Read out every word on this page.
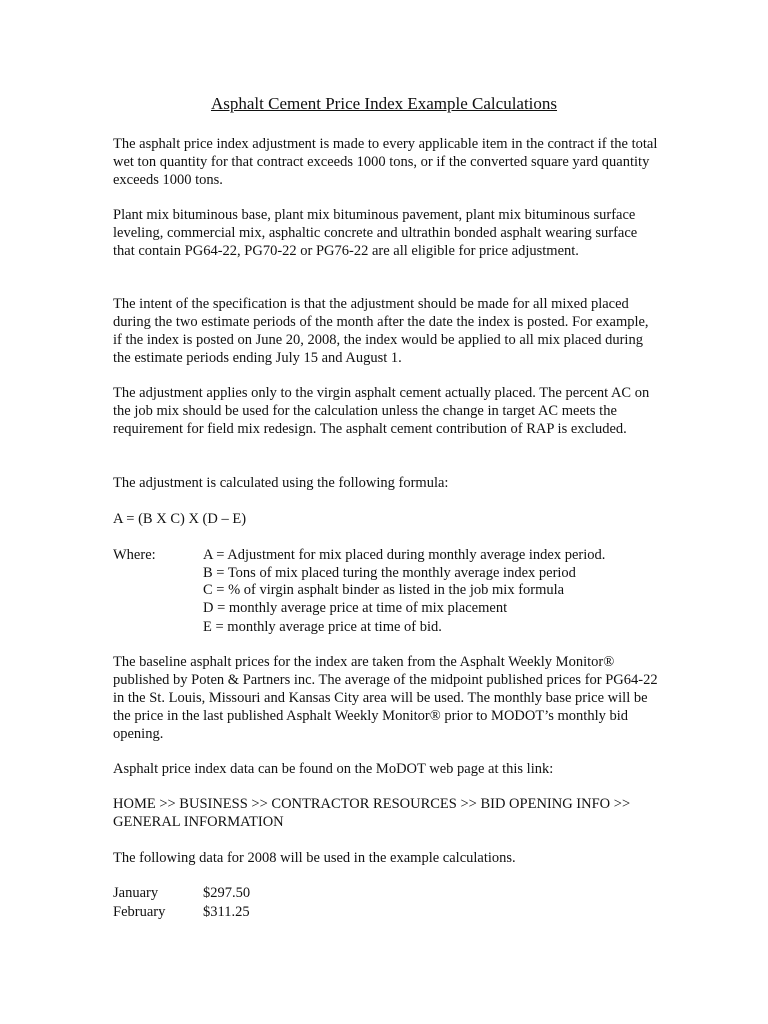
Asphalt Cement Price Index Example Calculations

The asphalt price index adjustment is made to every applicable item in the contract if the total wet ton quantity for that contract exceeds 1000 tons, or if the converted square yard quantity exceeds 1000 tons.

Plant mix bituminous base, plant mix bituminous pavement, plant mix bituminous surface leveling, commercial mix, asphaltic concrete and ultrathin bonded asphalt wearing surface that contain PG64-22, PG70-22 or PG76-22 are all eligible for price adjustment.

The intent of the specification is that the adjustment should be made for all mixed placed during the two estimate periods of the month after the date the index is posted. For example, if the index is posted on June 20, 2008, the index would be applied to all mix placed during the estimate periods ending July 15 and August 1.

The adjustment applies only to the virgin asphalt cement actually placed. The percent AC on the job mix should be used for the calculation unless the change in target AC meets the requirement for field mix redesign. The asphalt cement contribution of RAP is excluded.

The adjustment is calculated using the following formula:

A = (B X C) X (D – E)
Where:	A = Adjustment for mix placed during monthly average index period.
B = Tons of mix placed turing the monthly average index period
C = % of virgin asphalt binder as listed in the job mix formula
D = monthly average price at time of mix placement
E = monthly average price at time of bid.

The baseline asphalt prices for the index are taken from the Asphalt Weekly Monitor® published by Poten & Partners inc. The average of the midpoint published prices for PG64-22 in the St. Louis, Missouri and Kansas City area will be used. The monthly base price will be the price in the last published Asphalt Weekly Monitor® prior to MODOT’s monthly bid opening.

Asphalt price index data can be found on the MoDOT web page at this link:

HOME >> BUSINESS >> CONTRACTOR RESOURCES >> BID OPENING INFO >> GENERAL INFORMATION

The following data for 2008 will be used in the example calculations.

January	$297.50
February	$311.25
